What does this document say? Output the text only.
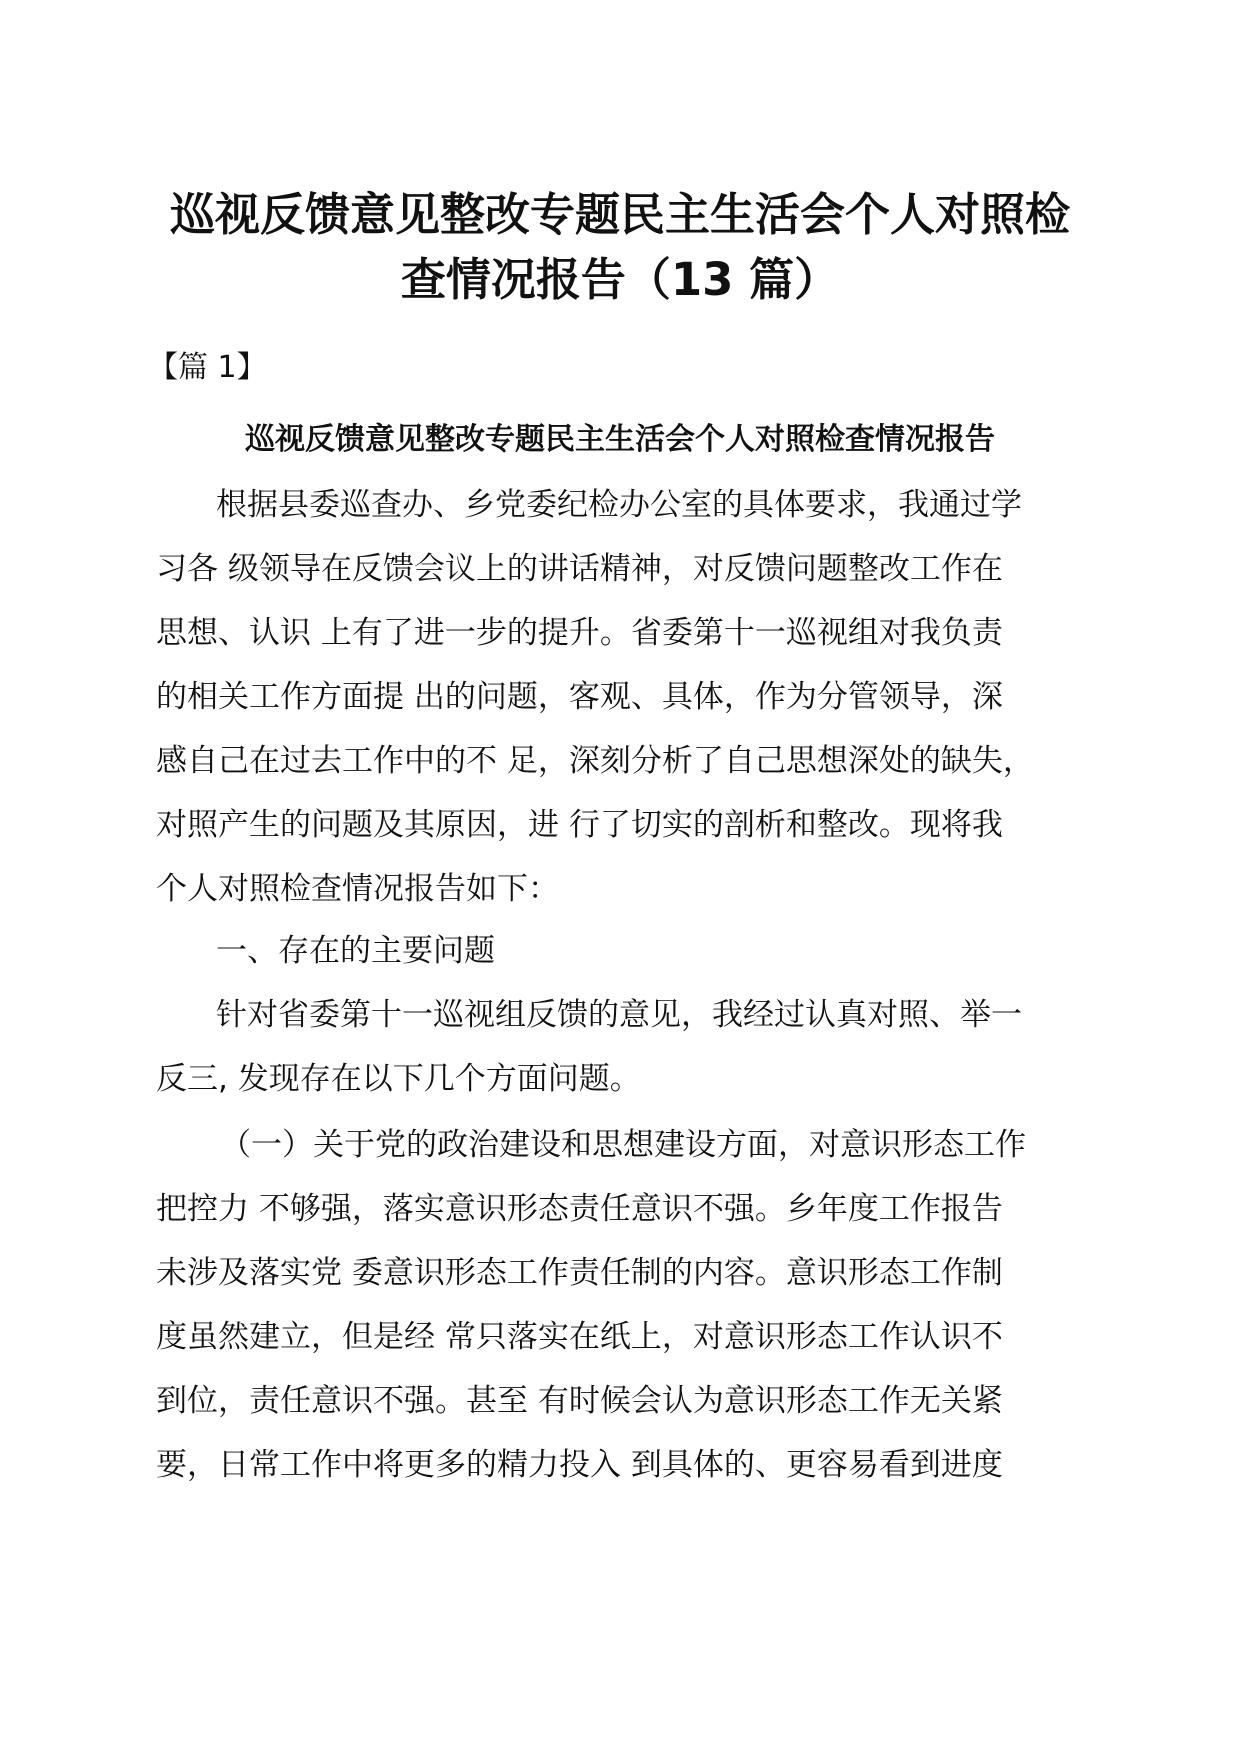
巡视反馈意见整改专题民主生活会个人对照检
查情况报告（13 篇）
【篇 1】
巡视反馈意见整改专题民主生活会个人对照检查情况报告
根据县委巡查办、乡党委纪检办公室的具体要求，我通过学
习各 级领导在反馈会议上的讲话精神，对反馈问题整改工作在
思想、认识 上有了进一步的提升。省委第十一巡视组对我负责
的相关工作方面提 出的问题，客观、具体，作为分管领导，深
感自己在过去工作中的不 足，深刻分析了自己思想深处的缺失，
对照产生的问题及其原因，进 行了切实的剖析和整改。现将我
个人对照检查情况报告如下：
一、存在的主要问题
针对省委第十一巡视组反馈的意见，我经过认真对照、举一
反三, 发现存在以下几个方面问题。
（一）关于党的政治建设和思想建设方面，对意识形态工作
把控力 不够强，落实意识形态责任意识不强。乡年度工作报告
未涉及落实党 委意识形态工作责任制的内容。意识形态工作制
度虽然建立，但是经 常只落实在纸上，对意识形态工作认识不
到位，责任意识不强。甚至 有时候会认为意识形态工作无关紧
要，日常工作中将更多的精力投入 到具体的、更容易看到进度
